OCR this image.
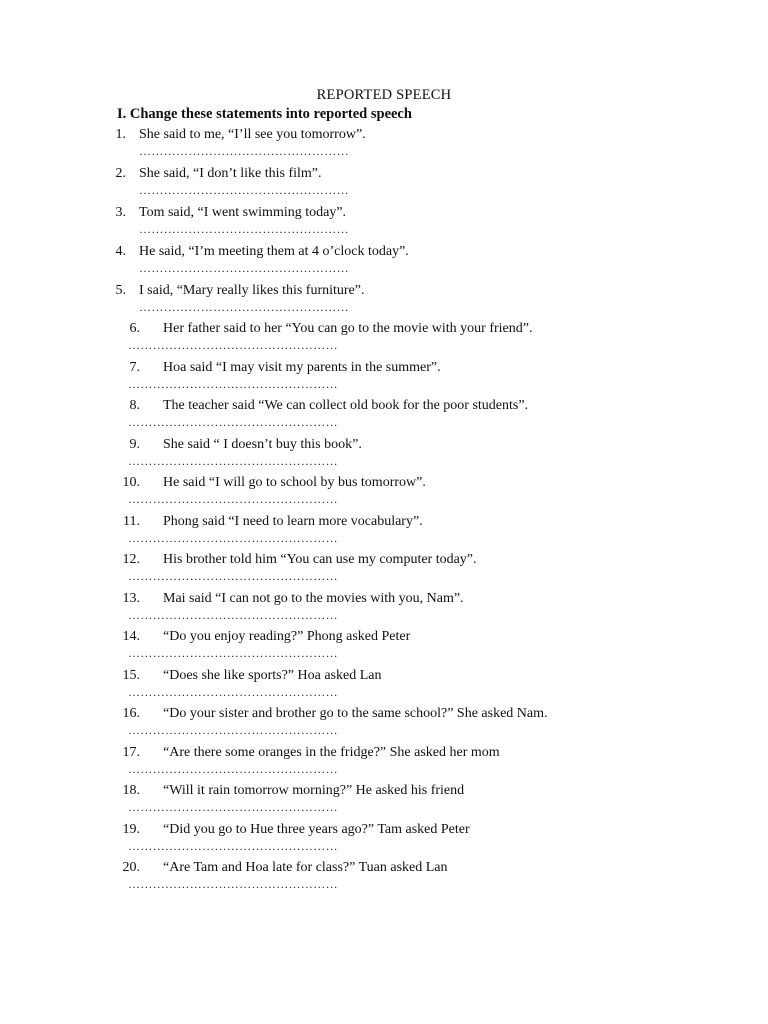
REPORTED SPEECH
I. Change these statements into reported speech
1. She said to me, “I’ll see you tomorrow”.
……………………………………………
2. She said, “I don’t like this film”.
……………………………………………
3. Tom said, “I went swimming today”.
……………………………………………
4. He said, “I’m meeting them at 4 o’clock today”.
……………………………………………
5. I said, “Mary really likes this furniture”.
……………………………………………
6. Her father said to her “You can go to the movie with your friend”.
……………………………………………
7. Hoa said “I may visit my parents in the summer”.
……………………………………………
8. The teacher said “We can collect old book for the poor students”.
……………………………………………
9. She said “ I doesn’t buy this book”.
……………………………………………
10. He said “I will go to school by bus tomorrow”.
……………………………………………
11. Phong said “I need to learn more vocabulary”.
……………………………………………
12. His brother told him “You can use my computer today”.
……………………………………………
13. Mai said “I can not go to the movies with you, Nam”.
……………………………………………
14. “Do you enjoy reading?” Phong asked Peter
……………………………………………
15. “Does she like sports?” Hoa asked Lan
……………………………………………
16. “Do your sister and brother go to the same school?” She asked Nam.
……………………………………………
17. “Are there some oranges in the fridge?” She asked her mom
……………………………………………
18. “Will it rain tomorrow morning?” He asked his friend
……………………………………………
19. “Did you go to Hue three years ago?” Tam asked Peter
……………………………………………
20. “Are Tam and Hoa late for class?” Tuan asked Lan
……………………………………………
